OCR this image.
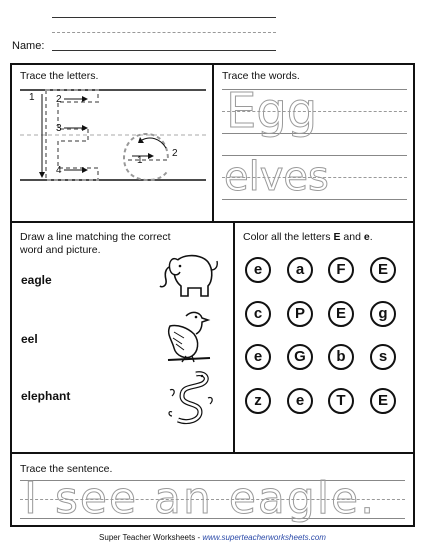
Name:
Trace the letters.
1 2
3
4
1
2
Trace the words.
Egg
elves
Draw a line matching the correct
word and picture.
eagle
eel
elephant
Color all the letters E and e.
e	a	F	E
c	P	E	g
e	G	b	s
z	e	T	E
Trace the sentence.
I see an eagle.
Super Teacher Worksheets - www.superteacherworksheets.com
